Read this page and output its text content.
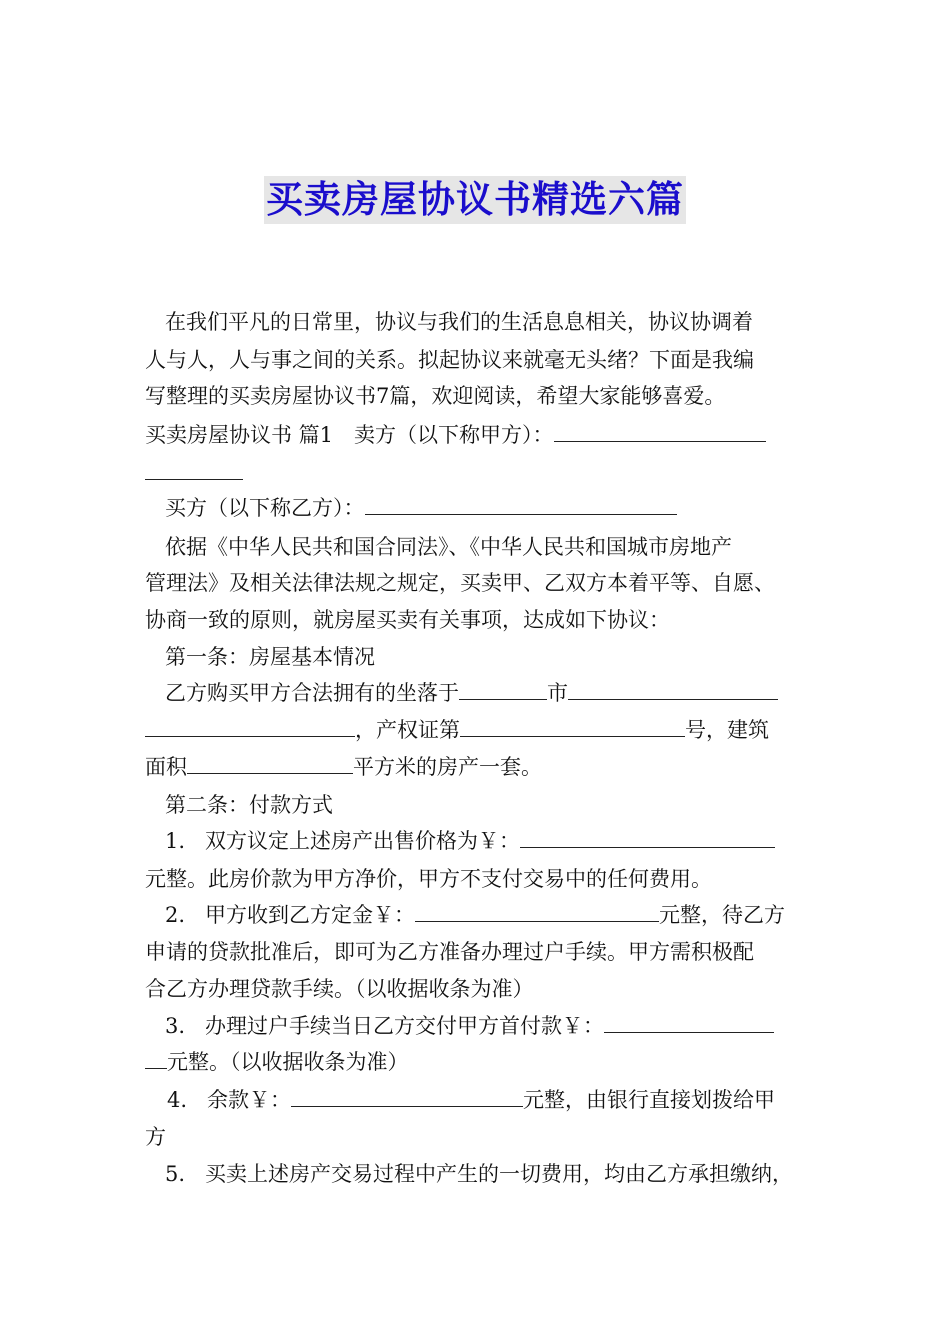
买卖房屋协议书精选六篇
在我们平凡的日常里，协议与我们的生活息息相关，协议协调着
人与人，人与事之间的关系。拟起协议来就毫无头绪？下面是我编
写整理的买卖房屋协议书7篇，欢迎阅读，希望大家能够喜爱。
买卖房屋协议书 篇1　卖方（以下称甲方）：
买方（以下称乙方）：
依据《中华人民共和国合同法》、《中华人民共和国城市房地产
管理法》及相关法律法规之规定，买卖甲、乙双方本着平等、自愿、
协商一致的原则，就房屋买卖有关事项，达成如下协议：
第一条：房屋基本情况
乙方购买甲方合法拥有的坐落于	市
，产权证第	号，建筑
面积	平方米的房产一套。
第二条：付款方式
1. 双方议定上述房产出售价格为￥：
元整。此房价款为甲方净价，甲方不支付交易中的任何费用。
2. 甲方收到乙方定金￥：	元整，待乙方
申请的贷款批准后，即可为乙方准备办理过户手续。甲方需积极配
合乙方办理贷款手续。（以收据收条为准）
3. 办理过户手续当日乙方交付甲方首付款￥：
元整。（以收据收条为准）
4. 余款￥：	元整，由银行直接划拨给甲
方
5. 买卖上述房产交易过程中产生的一切费用，均由乙方承担缴纳，
